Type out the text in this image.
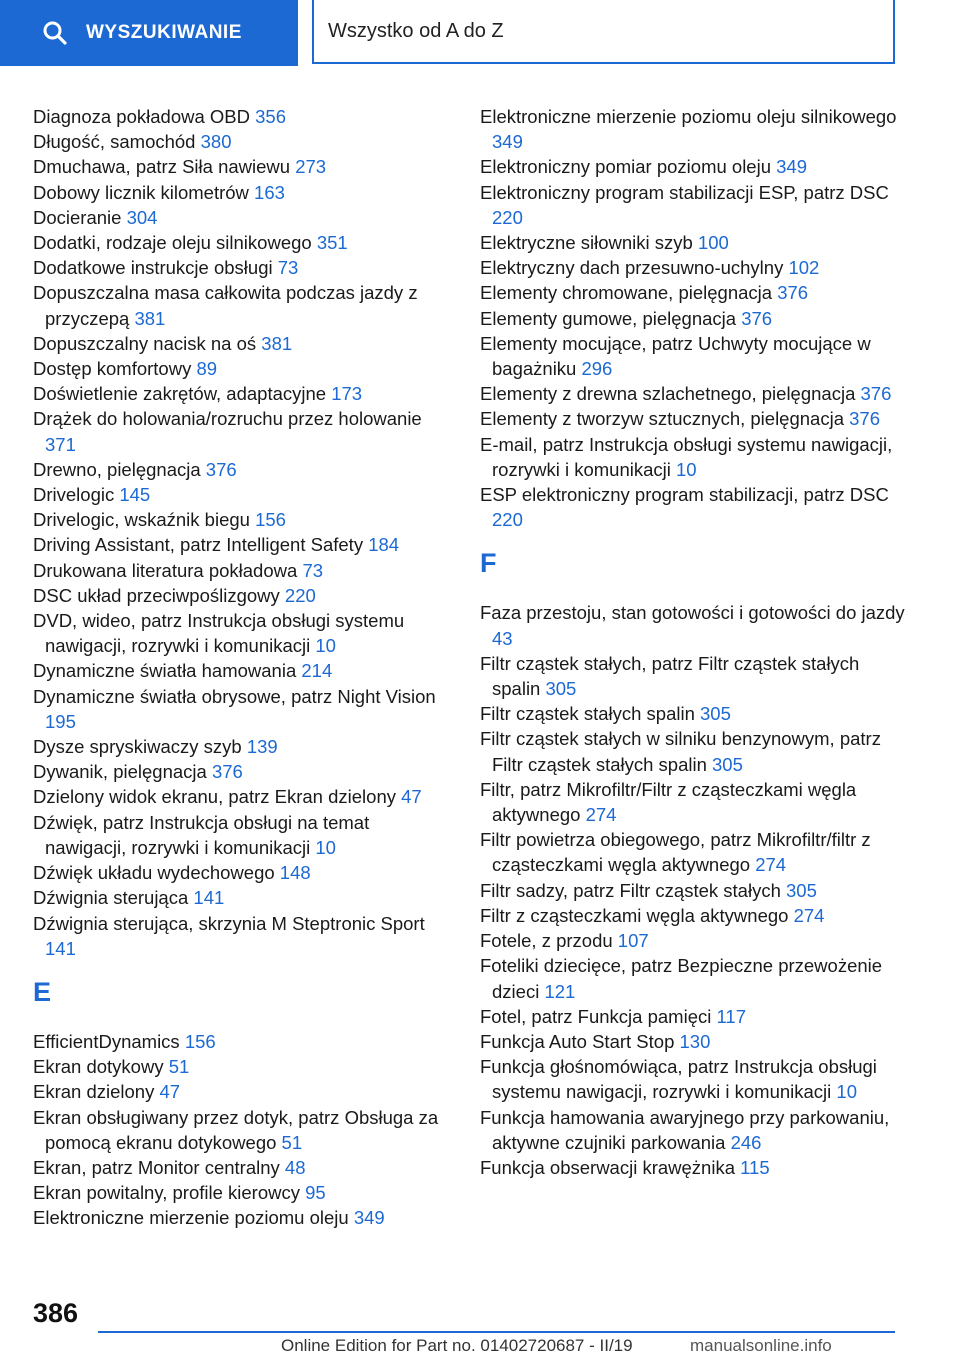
WYSZUKIWANIE	Wszystko od A do Z
Diagnoza pokładowa OBD 356
Długość, samochód 380
Dmuchawa, patrz Siła nawiewu 273
Dobowy licznik kilometrów 163
Docieranie 304
Dodatki, rodzaje oleju silnikowego 351
Dodatkowe instrukcje obsługi 73
Dopuszczalna masa całkowita podczas jazdy z przyczepą 381
Dopuszczalny nacisk na oś 381
Dostęp komfortowy 89
Doświetlenie zakrętów, adaptacyjne 173
Drążek do holowania/rozruchu przez holowanie 371
Drewno, pielęgnacja 376
Drivelogic 145
Drivelogic, wskaźnik biegu 156
Driving Assistant, patrz Intelligent Safety 184
Drukowana literatura pokładowa 73
DSC układ przeciwpoślizgowy 220
DVD, wideo, patrz Instrukcja obsługi systemu nawigacji, rozrywki i komunikacji 10
Dynamiczne światła hamowania 214
Dynamiczne światła obrysowe, patrz Night Vision 195
Dysze spryskiwaczy szyb 139
Dywanik, pielęgnacja 376
Dzielony widok ekranu, patrz Ekran dzielony 47
Dźwięk, patrz Instrukcja obsługi na temat nawigacji, rozrywki i komunikacji 10
Dźwięk układu wydechowego 148
Dźwignia sterująca 141
Dźwignia sterująca, skrzynia M Steptronic Sport 141
E
EfficientDynamics 156
Ekran dotykowy 51
Ekran dzielony 47
Ekran obsługiwany przez dotyk, patrz Obsługa za pomocą ekranu dotykowego 51
Ekran, patrz Monitor centralny 48
Ekran powitalny, profile kierowcy 95
Elektroniczne mierzenie poziomu oleju 349
Elektroniczne mierzenie poziomu oleju silnikowego 349
Elektroniczny pomiar poziomu oleju 349
Elektroniczny program stabilizacji ESP, patrz DSC 220
Elektryczne siłowniki szyb 100
Elektryczny dach przesuwno-uchylny 102
Elementy chromowane, pielęgnacja 376
Elementy gumowe, pielęgnacja 376
Elementy mocujące, patrz Uchwyty mocujące w bagażniku 296
Elementy z drewna szlachetnego, pielęgnacja 376
Elementy z tworzyw sztucznych, pielęgnacja 376
E-mail, patrz Instrukcja obsługi systemu nawigacji, rozrywki i komunikacji 10
ESP elektroniczny program stabilizacji, patrz DSC 220
F
Faza przestoju, stan gotowości i gotowości do jazdy 43
Filtr cząstek stałych, patrz Filtr cząstek stałych spalin 305
Filtr cząstek stałych spalin 305
Filtr cząstek stałych w silniku benzynowym, patrz Filtr cząstek stałych spalin 305
Filtr, patrz Mikrofiltr/Filtr z cząsteczkami węgla aktywnego 274
Filtr powietrza obiegowego, patrz Mikrofiltr/filtr z cząsteczkami węgla aktywnego 274
Filtr sadzy, patrz Filtr cząstek stałych 305
Filtr z cząsteczkami węgla aktywnego 274
Fotele, z przodu 107
Foteliki dziecięce, patrz Bezpieczne przewożenie dzieci 121
Fotel, patrz Funkcja pamięci 117
Funkcja Auto Start Stop 130
Funkcja głośnomówiąca, patrz Instrukcja obsługi systemu nawigacji, rozrywki i komunikacji 10
Funkcja hamowania awaryjnego przy parkowaniu, aktywne czujniki parkowania 246
Funkcja obserwacji krawężnika 115
386
Online Edition for Part no. 01402720687 - II/19	manualsonline.info
